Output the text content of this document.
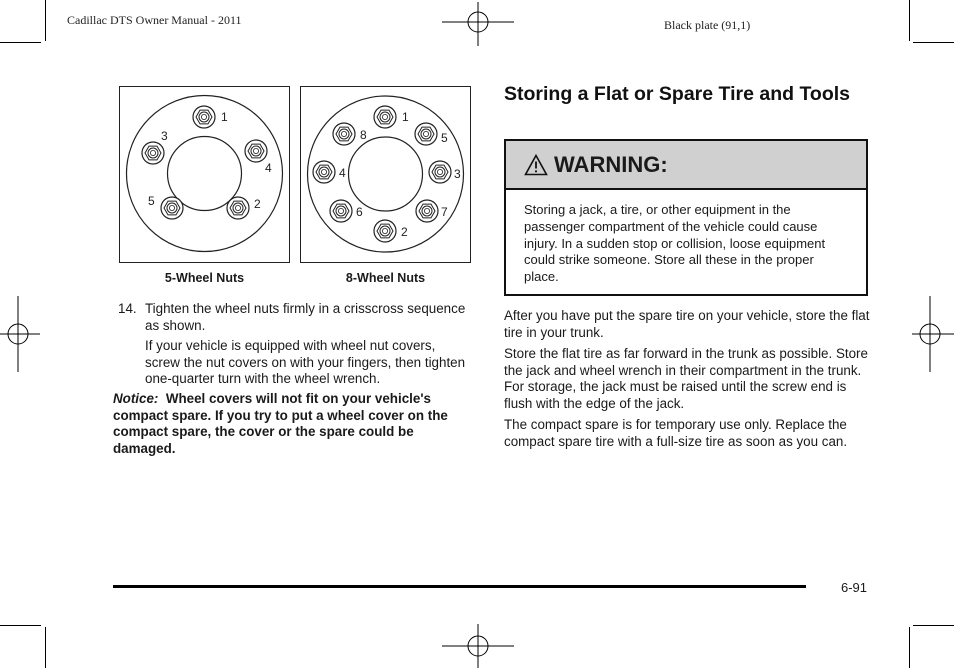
Cadillac DTS Owner Manual - 2011	Black plate (91,1)
1
3
4
5	2
1
8	5
4	3
6	7
2
5-Wheel Nuts	8-Wheel Nuts
14. Tighten the wheel nuts firmly in a crisscross sequence as shown.

If your vehicle is equipped with wheel nut covers, screw the nut covers on with your fingers, then tighten one-quarter turn with the wheel wrench.

Notice: Wheel covers will not fit on your vehicle's compact spare. If you try to put a wheel cover on the compact spare, the cover or the spare could be damaged.
Storing a Flat or Spare Tire and Tools
WARNING:
Storing a jack, a tire, or other equipment in the passenger compartment of the vehicle could cause injury. In a sudden stop or collision, loose equipment could strike someone. Store all these in the proper place.

After you have put the spare tire on your vehicle, store the flat tire in your trunk.

Store the flat tire as far forward in the trunk as possible. Store the jack and wheel wrench in their compartment in the trunk. For storage, the jack must be raised until the screw end is flush with the edge of the jack.

The compact spare is for temporary use only. Replace the compact spare tire with a full-size tire as soon as you can.

6-91
